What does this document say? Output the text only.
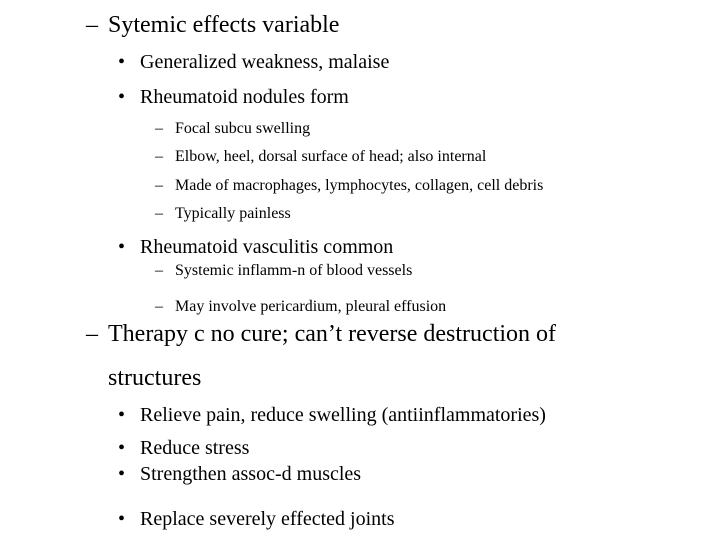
– Sytemic effects variable
• Generalized weakness, malaise
• Rheumatoid nodules form
– Focal subcu swelling
– Elbow, heel, dorsal surface of head; also internal
– Made of macrophages, lymphocytes, collagen, cell debris
– Typically painless
• Rheumatoid vasculitis common
– Systemic inflamm-n of blood vessels
– May involve pericardium, pleural effusion
– Therapy c no cure; can’t reverse destruction of
structures
• Relieve pain, reduce swelling (antiinflammatories)
• Reduce stress
• Strengthen assoc-d muscles
• Replace severely effected joints
